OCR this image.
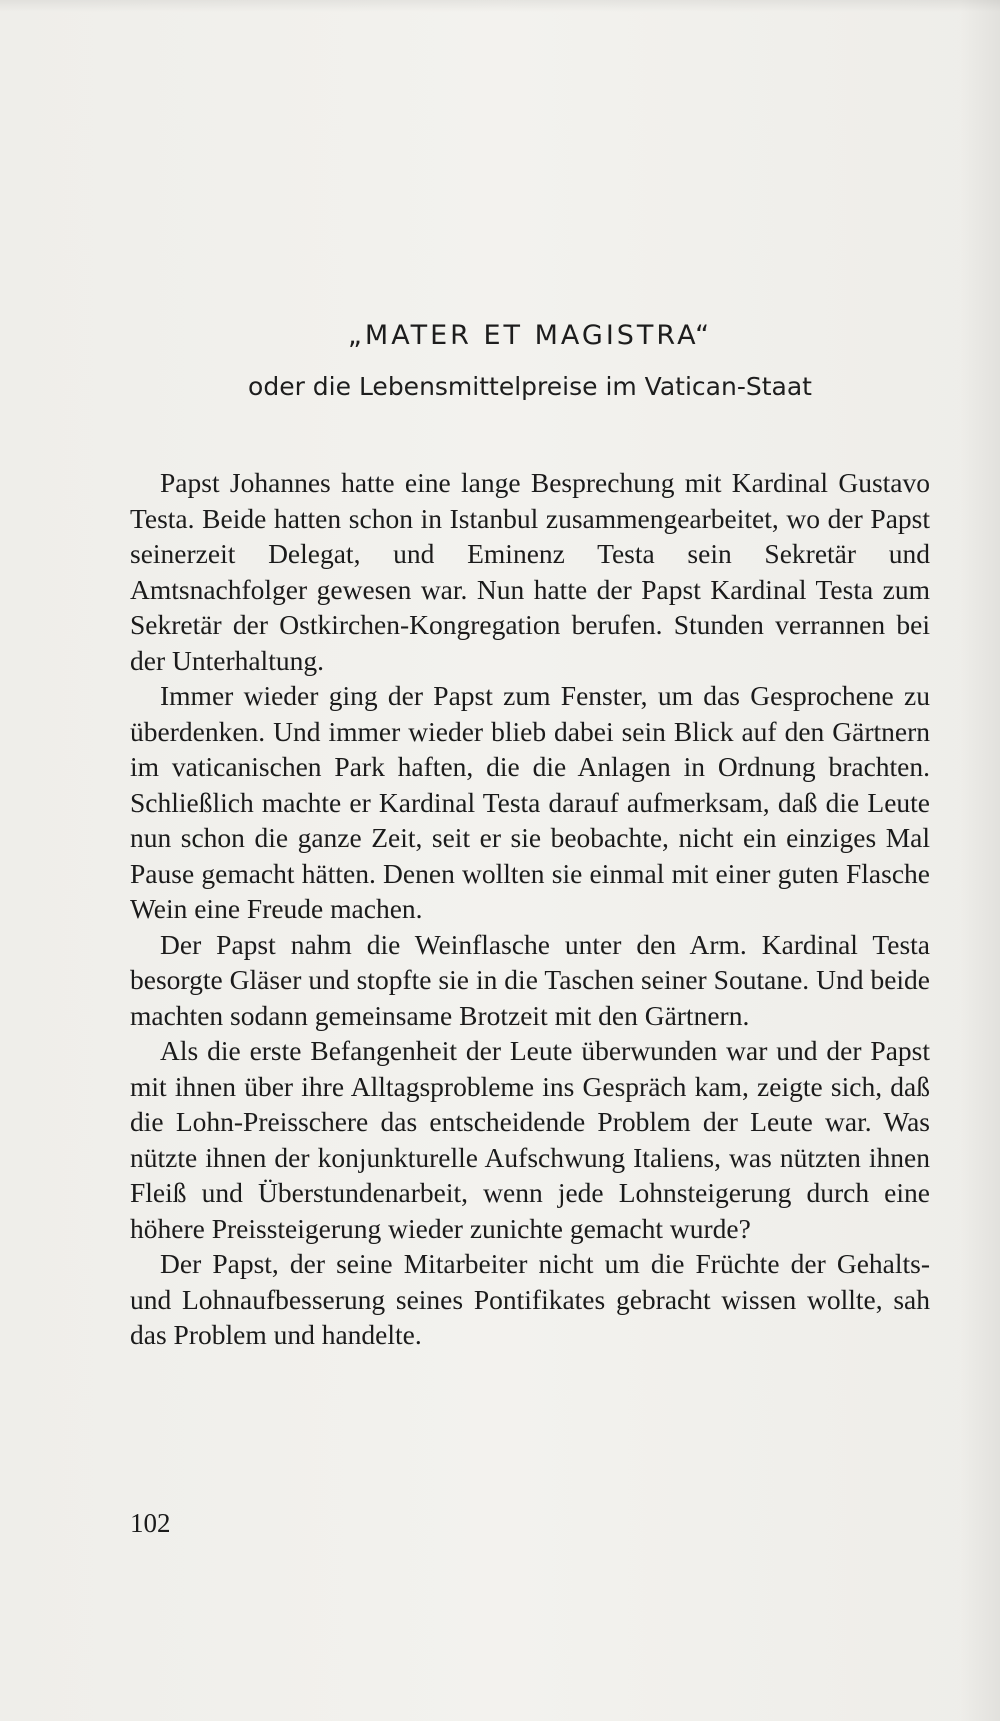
„MATER ET MAGISTRA“
oder die Lebensmittelpreise im Vatican-Staat

Papst Johannes hatte eine lange Besprechung mit Kardinal Gustavo Testa. Beide hatten schon in Istanbul zusammengearbeitet, wo der Papst seinerzeit Delegat, und Eminenz Testa sein Sekretär und Amtsnachfolger gewesen war. Nun hatte der Papst Kardinal Testa zum Sekretär der Ostkirchen-Kongregation berufen. Stunden verrannen bei der Unterhaltung.

Immer wieder ging der Papst zum Fenster, um das Gesprochene zu überdenken. Und immer wieder blieb dabei sein Blick auf den Gärtnern im vaticanischen Park haften, die die Anlagen in Ordnung brachten. Schließlich machte er Kardinal Testa darauf aufmerksam, daß die Leute nun schon die ganze Zeit, seit er sie beobachte, nicht ein einziges Mal Pause gemacht hätten. Denen wollten sie einmal mit einer guten Flasche Wein eine Freude machen.

Der Papst nahm die Weinflasche unter den Arm. Kardinal Testa besorgte Gläser und stopfte sie in die Taschen seiner Soutane. Und beide machten sodann gemeinsame Brotzeit mit den Gärtnern.

Als die erste Befangenheit der Leute überwunden war und der Papst mit ihnen über ihre Alltagsprobleme ins Gespräch kam, zeigte sich, daß die Lohn-Preisschere das entscheidende Problem der Leute war. Was nützte ihnen der konjunkturelle Aufschwung Italiens, was nützten ihnen Fleiß und Überstundenarbeit, wenn jede Lohnsteigerung durch eine höhere Preissteigerung wieder zunichte gemacht wurde?

Der Papst, der seine Mitarbeiter nicht um die Früchte der Gehalts- und Lohnaufbesserung seines Pontifikates gebracht wissen wollte, sah das Problem und handelte.

102
